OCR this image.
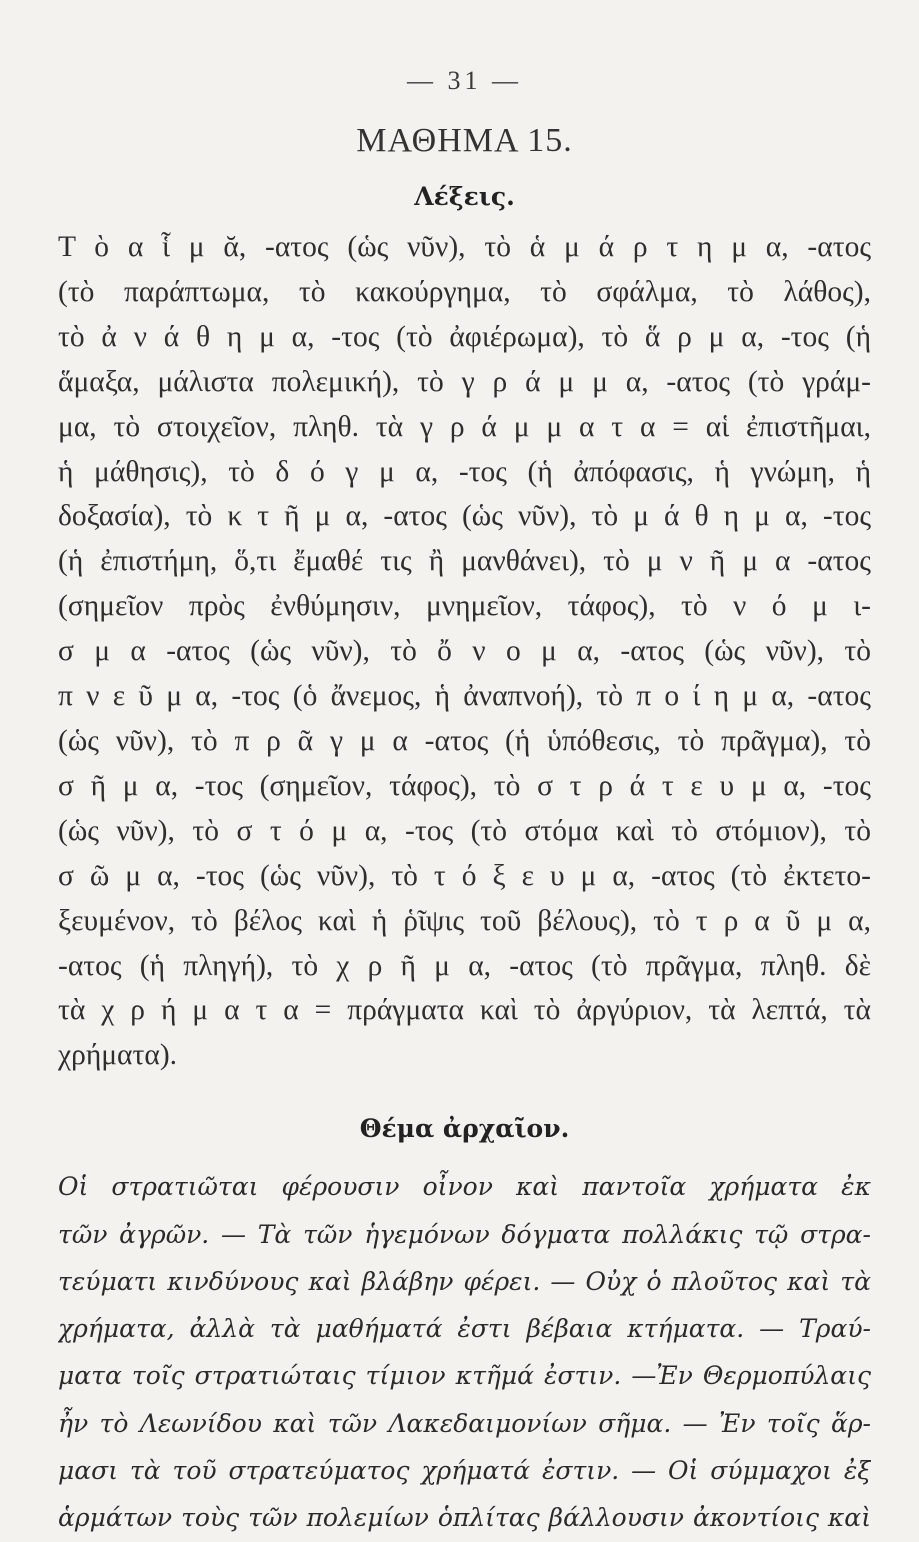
— 31 —
ΜΑΘΗΜΑ 15.
Λέξεις.

Τ ὸ α ἷ μ ᾰ, -ατος (ὡς νῦν), τὸ ἁ μ ά ρ τ η μ α, -ατος
(τὸ παράπτωμα, τὸ κακούργημα, τὸ σφάλμα, τὸ λάθος),
τὸ ἀ ν ά θ η μ α, -τος (τὸ ἀφιέρωμα), τὸ ἅ ρ μ α, -τος (ἡ
ἅμαξα, μάλιστα πολεμική), τὸ γ ρ ά μ μ α, -ατος (τὸ γράμ-
μα, τὸ στοιχεῖον, πληθ. τὰ γ ρ ά μ μ α τ α = αἱ ἐπιστῆμαι,
ἡ μάθησις), τὸ δ ό γ μ α, -τος (ἡ ἀπόφασις, ἡ γνώμη, ἡ
δοξασία), τὸ κ τ ῆ μ α, -ατος (ὡς νῦν), τὸ μ ά θ η μ α, -τος
(ἡ ἐπιστήμη, ὅ,τι ἔμαθέ τις ἢ μανθάνει), τὸ μ ν ῆ μ α -ατος
(σημεῖον πρὸς ἐνθύμησιν, μνημεῖον, τάφος), τὸ ν ό μ ι-
σ μ α -ατος (ὡς νῦν), τὸ ὄ ν ο μ α, -ατος (ὡς νῦν), τὸ
π ν ε ῦ μ α, -τος (ὁ ἄνεμος, ἡ ἀναπνοή), τὸ π ο ί η μ α, -ατος
(ὡς νῦν), τὸ π ρ ᾶ γ μ α -ατος (ἡ ὑπόθεσις, τὸ πρᾶγμα), τὸ
σ ῆ μ α, -τος (σημεῖον, τάφος), τὸ σ τ ρ ά τ ε υ μ α, -τος
(ὡς νῦν), τὸ σ τ ό μ α, -τος (τὸ στόμα καὶ τὸ στόμιον), τὸ
σ ῶ μ α, -τος (ὡς νῦν), τὸ τ ό ξ ε υ μ α, -ατος (τὸ ἐκτετο-
ξευμένον, τὸ βέλος καὶ ἡ ῥῖψις τοῦ βέλους), τὸ τ ρ α ῦ μ α,
-ατος (ἡ πληγή), τὸ χ ρ ῆ μ α, -ατος (τὸ πρᾶγμα, πληθ. δὲ
τὰ χ ρ ή μ α τ α = πράγματα καὶ τὸ ἀργύριον, τὰ λεπτά, τὰ
χρήματα).

Θέμα ἀρχαῖον.

Οἱ στρατιῶται φέρουσιν οἶνον καὶ παντοῖα χρήματα ἐκ
τῶν ἀγρῶν. — Τὰ τῶν ἡγεμόνων δόγματα πολλάκις τῷ στρα-
τεύματι κινδύνους καὶ βλάβην φέρει. — Οὐχ ὁ πλοῦτος καὶ τὰ
χρήματα, ἀλλὰ τὰ μαθήματά ἐστι βέβαια κτήματα. — Τραύ-
ματα τοῖς στρατιώταις τίμιον κτῆμά ἐστιν. —Ἐν Θερμοπύλαις
ἦν τὸ Λεωνίδου καὶ τῶν Λακεδαιμονίων σῆμα. — Ἐν τοῖς ἅρ-
μασι τὰ τοῦ στρατεύματος χρήματά ἐστιν. — Οἱ σύμμαχοι ἐξ
ἁρμάτων τοὺς τῶν πολεμίων ὁπλίτας βάλλουσιν ἀκοντίοις καὶ
